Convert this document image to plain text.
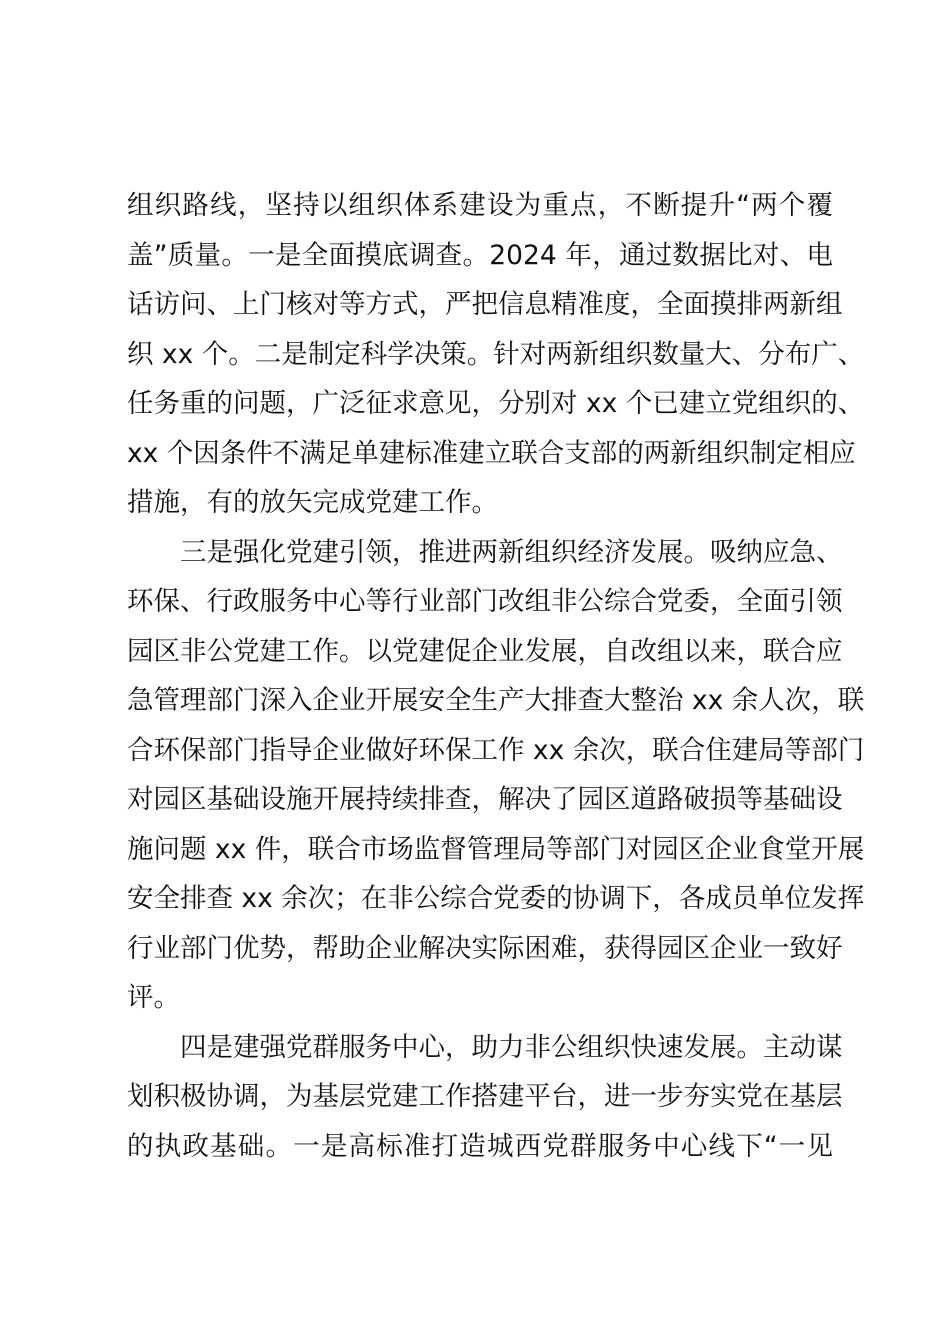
组织路线，坚持以组织体系建设为重点，不断提升“两个覆
盖”质量。一是全面摸底调查。2024 年，通过数据比对、电
话访问、上门核对等方式，严把信息精准度，全面摸排两新组
织 xx 个。二是制定科学决策。针对两新组织数量大、分布广、
任务重的问题，广泛征求意见，分别对 xx 个已建立党组织的、
xx 个因条件不满足单建标准建立联合支部的两新组织制定相应
措施，有的放矢完成党建工作。
三是强化党建引领，推进两新组织经济发展。吸纳应急、
环保、行政服务中心等行业部门改组非公综合党委，全面引领
园区非公党建工作。以党建促企业发展，自改组以来，联合应
急管理部门深入企业开展安全生产大排查大整治 xx 余人次，联
合环保部门指导企业做好环保工作 xx 余次，联合住建局等部门
对园区基础设施开展持续排查，解决了园区道路破损等基础设
施问题 xx 件，联合市场监督管理局等部门对园区企业食堂开展
安全排查 xx 余次；在非公综合党委的协调下，各成员单位发挥
行业部门优势，帮助企业解决实际困难，获得园区企业一致好
评。
四是建强党群服务中心，助力非公组织快速发展。主动谋
划积极协调，为基层党建工作搭建平台，进一步夯实党在基层
的执政基础。一是高标准打造城西党群服务中心线下“一见
